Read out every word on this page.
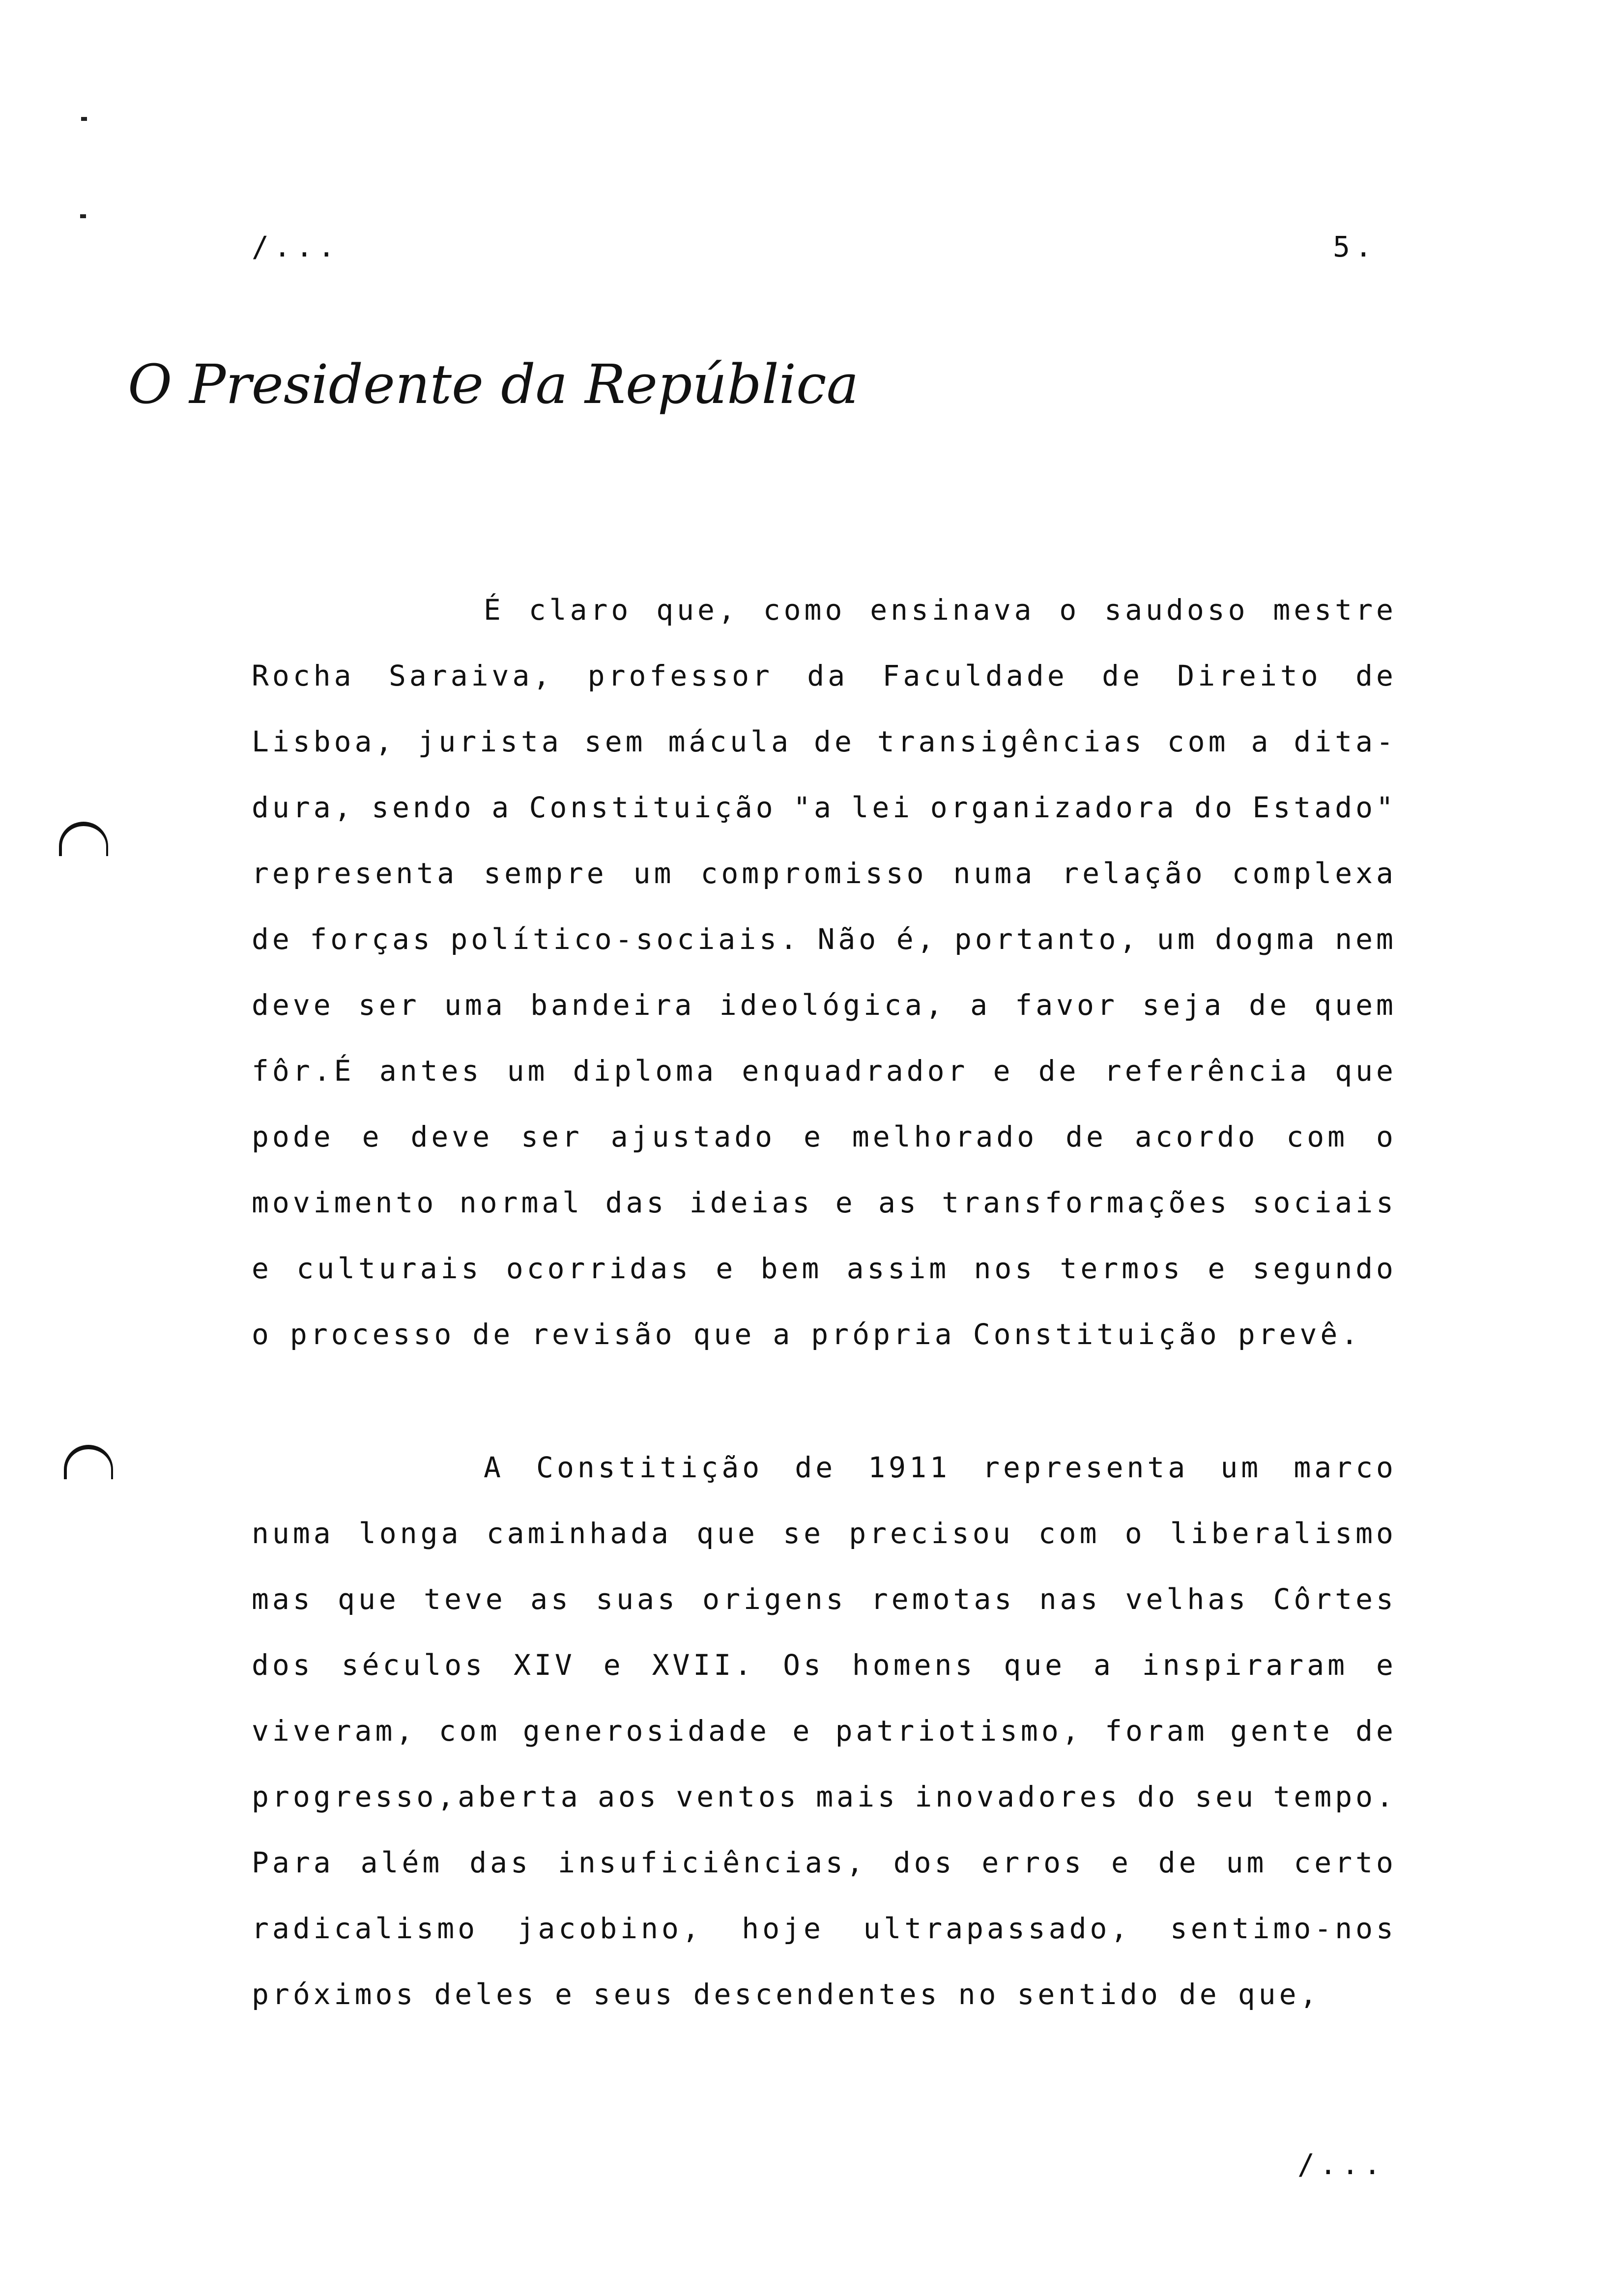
/...	5.
O Presidente da República
É claro que, como ensinava o saudoso mestre
Rocha Saraiva, professor da Faculdade de Direito de
Lisboa, jurista sem mácula de transigências com a dita-
dura, sendo a Constituição "a lei organizadora do Estado"
representa sempre um compromisso numa relação complexa
de forças político-sociais. Não é, portanto, um dogma nem
deve ser uma bandeira ideológica, a favor seja de quem
fôr.É antes um diploma enquadrador e de referência que
pode e deve ser ajustado e melhorado de acordo com o
movimento normal das ideias e as transformações sociais
e culturais ocorridas e bem assim nos termos e segundo
o processo de revisão que a própria Constituição prevê.
A Constitição de 1911 representa um marco
numa longa caminhada que se precisou com o liberalismo
mas que teve as suas origens remotas nas velhas Côrtes
dos séculos XIV e XVII. Os homens que a inspiraram e
viveram, com generosidade e patriotismo, foram gente de
progresso,aberta aos ventos mais inovadores do seu tempo.
Para além das insuficiências, dos erros e de um certo
radicalismo jacobino, hoje ultrapassado, sentimo-nos
próximos deles e seus descendentes no sentido de que,
/...
